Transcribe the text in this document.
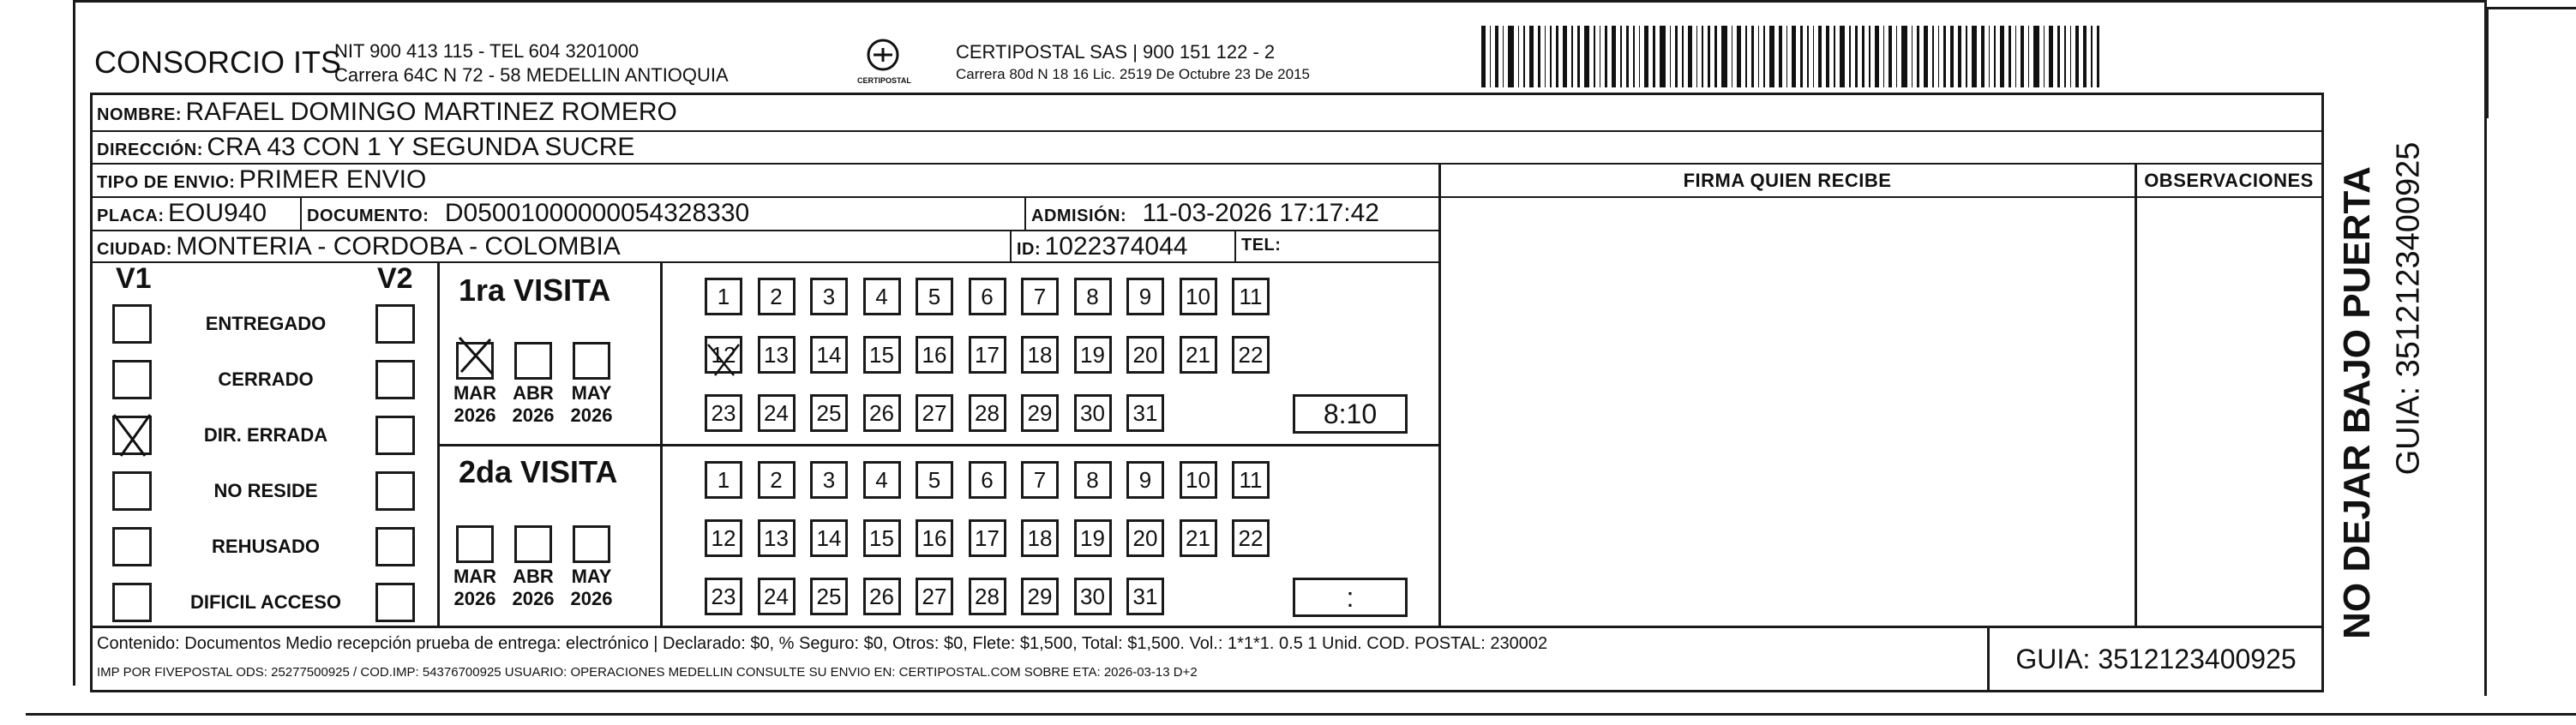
CONSORCIO ITS
NIT 900 413 115 - TEL 604 3201000
Carrera 64C N 72 - 58 MEDELLIN ANTIOQUIA	CERTIPOSTAL
CERTIPOSTAL SAS | 900 151 122 - 2
Carrera 80d N 18 16 Lic. 2519 De Octubre 23 De 2015
NOMBRE: RAFAEL DOMINGO MARTINEZ ROMERO
DIRECCIÓN: CRA 43 CON 1 Y SEGUNDA SUCRE
TIPO DE ENVIO: PRIMER ENVIO	FIRMA QUIEN RECIBE	OBSERVACIONES
PLACA: EOU940 DOCUMENTO: D05001000000054328330	ADMISIÓN: 11-03-2026 17:17:42
CIUDAD: MONTERIA - CORDOBA - COLOMBIA	ID: 1022374044	TEL:
V1	V2
ENTREGADO
CERRADO
DIR. ERRADA
NO RESIDE
REHUSADO
DIFICIL ACCESO
1ra VISITA
2da VISITA
MAR
2026
ABR
2026
MAY
2026
1	2	3	4	5	6	7	8	9	10	11
12 13 14 15 16 17 18 19 20 21 22
23 24 25 26 27 28 29 30 31	8:10
MAR
2026
ABR
2026
MAY
2026
1	2	3	4	5	6	7	8	9	10	11
12 13 14 15 16 17 18 19 20 21 22
23 24 25 26 27 28 29 30 31	:
Contenido: Documentos Medio recepción prueba de entrega: electrónico | Declarado: $0, % Seguro: $0, Otros: $0, Flete: $1,500, Total: $1,500. Vol.: 1*1*1. 0.5 1 Unid. COD. POSTAL: 230002
IMP POR FIVEPOSTAL ODS: 25277500925 / COD.IMP: 54376700925 USUARIO: OPERACIONES MEDELLIN CONSULTE SU ENVIO EN: CERTIPOSTAL.COM SOBRE ETA: 2026-03-13 D+2	GUIA: 3512123400925
NO DEJAR BAJO PUERTA GUIA: 3512123400925
